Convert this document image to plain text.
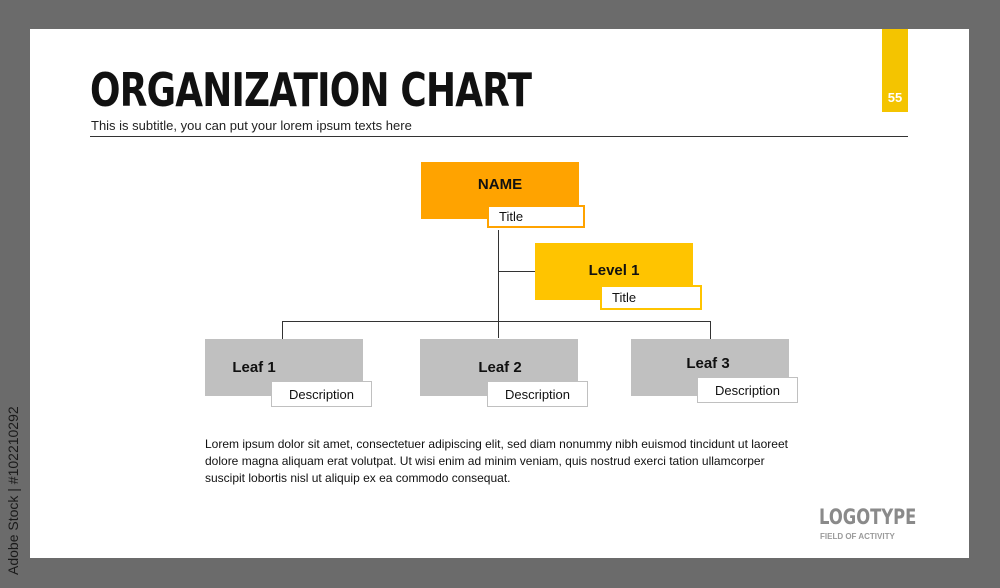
Adobe Stock | #102210292
ORGANIZATION CHART
This is subtitle, you can put your lorem ipsum texts here
55
NAME
Title
Level 1
Title
Leaf 1
Description
Leaf 2
Description
Leaf 3
Description
Lorem ipsum dolor sit amet, consectetuer adipiscing elit, sed diam nonummy nibh euismod tincidunt ut laoreet dolore magna aliquam erat volutpat. Ut wisi enim ad minim veniam, quis nostrud exerci tation ullamcorper suscipit lobortis nisl ut aliquip ex ea commodo consequat.
LOGOTYPE
FIELD OF ACTIVITY
